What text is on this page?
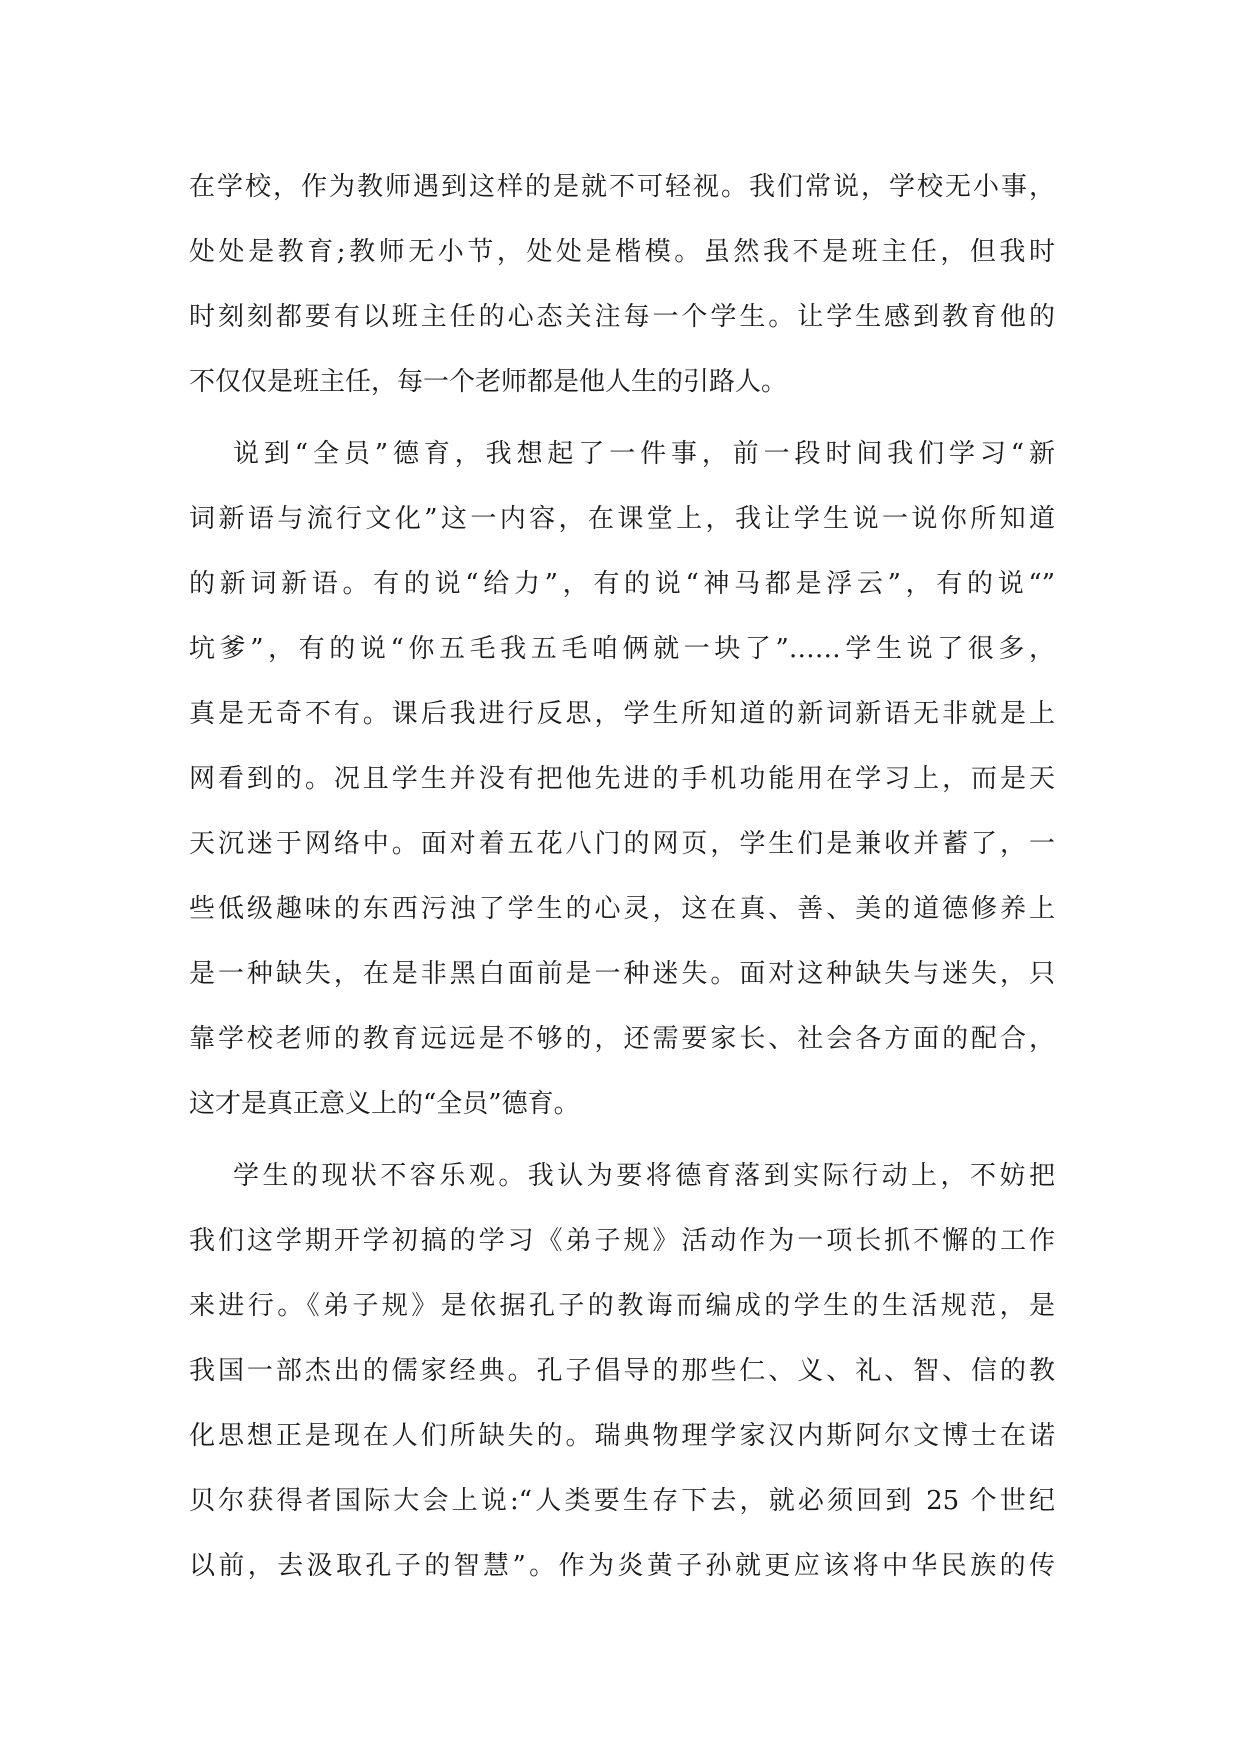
在学校，作为教师遇到这样的是就不可轻视。我们常说，学校无小事，
处处是教育;教师无小节，处处是楷模。虽然我不是班主任，但我时
时刻刻都要有以班主任的心态关注每一个学生。让学生感到教育他的
不仅仅是班主任，每一个老师都是他人生的引路人。
说到“全员”德育，我想起了一件事，前一段时间我们学习“新
词新语与流行文化”这一内容，在课堂上，我让学生说一说你所知道
的新词新语。有的说“给力”，有的说“神马都是浮云”，有的说“”
坑爹”，有的说“你五毛我五毛咱俩就一块了”……学生说了很多，
真是无奇不有。课后我进行反思，学生所知道的新词新语无非就是上
网看到的。况且学生并没有把他先进的手机功能用在学习上，而是天
天沉迷于网络中。面对着五花八门的网页，学生们是兼收并蓄了，一
些低级趣味的东西污浊了学生的心灵，这在真、善、美的道德修养上
是一种缺失，在是非黑白面前是一种迷失。面对这种缺失与迷失，只
靠学校老师的教育远远是不够的，还需要家长、社会各方面的配合，
这才是真正意义上的“全员”德育。
学生的现状不容乐观。我认为要将德育落到实际行动上，不妨把
我们这学期开学初搞的学习《弟子规》活动作为一项长抓不懈的工作
来进行。《弟子规》是依据孔子的教诲而编成的学生的生活规范，是
我国一部杰出的儒家经典。孔子倡导的那些仁、义、礼、智、信的教
化思想正是现在人们所缺失的。瑞典物理学家汉内斯阿尔文博士在诺
贝尔获得者国际大会上说:“人类要生存下去，就必须回到 25 个世纪
以前，去汲取孔子的智慧”。作为炎黄子孙就更应该将中华民族的传
